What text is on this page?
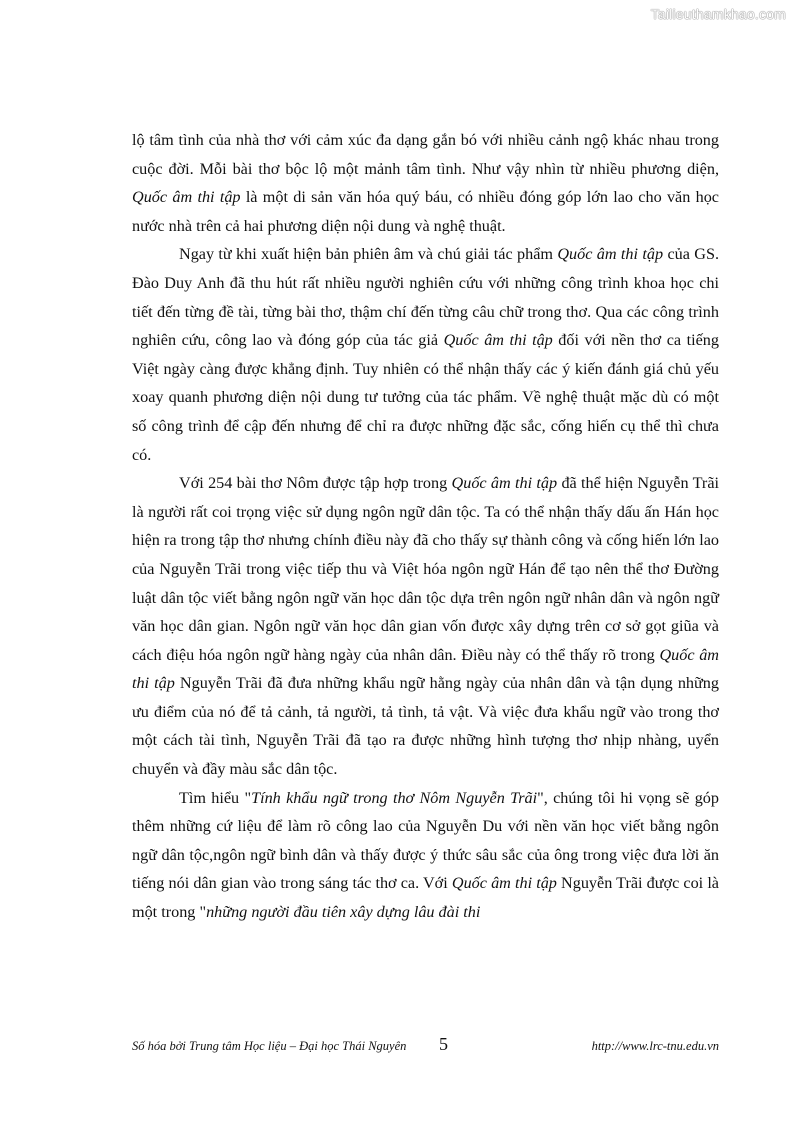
Tailieuthamkhao.com

lộ tâm tình của nhà thơ với cảm xúc đa dạng gắn bó với nhiều cảnh ngộ khác nhau trong cuộc đời. Mỗi bài thơ bộc lộ một mảnh tâm tình. Như vậy nhìn từ nhiều phương diện, Quốc âm thi tập là một di sản văn hóa quý báu, có nhiều đóng góp lớn lao cho văn học nước nhà trên cả hai phương diện nội dung và nghệ thuật.

Ngay từ khi xuất hiện bản phiên âm và chú giải tác phẩm Quốc âm thi tập của GS. Đào Duy Anh đã thu hút rất nhiều người nghiên cứu với những công trình khoa học chi tiết đến từng đề tài, từng bài thơ, thậm chí đến từng câu chữ trong thơ. Qua các công trình nghiên cứu, công lao và đóng góp của tác giả Quốc âm thi tập đối với nền thơ ca tiếng Việt ngày càng được khẳng định. Tuy nhiên có thể nhận thấy các ý kiến đánh giá chủ yếu xoay quanh phương diện nội dung tư tưởng của tác phẩm. Về nghệ thuật mặc dù có một số công trình để cập đến nhưng để chỉ ra được những đặc sắc, cống hiến cụ thể thì chưa có.

Với 254 bài thơ Nôm được tập hợp trong Quốc âm thi tập đã thể hiện Nguyễn Trãi là người rất coi trọng việc sử dụng ngôn ngữ dân tộc. Ta có thể nhận thấy dấu ấn Hán học hiện ra trong tập thơ nhưng chính điều này đã cho thấy sự thành công và cống hiến lớn lao của Nguyễn Trãi trong việc tiếp thu và Việt hóa ngôn ngữ Hán để tạo nên thể thơ Đường luật dân tộc viết bằng ngôn ngữ văn học dân tộc dựa trên ngôn ngữ nhân dân và ngôn ngữ văn học dân gian. Ngôn ngữ văn học dân gian vốn được xây dựng trên cơ sở gọt giũa và cách điệu hóa ngôn ngữ hàng ngày của nhân dân. Điều này có thể thấy rõ trong Quốc âm thi tập Nguyễn Trãi đã đưa những khẩu ngữ hằng ngày của nhân dân và tận dụng những ưu điểm của nó để tả cảnh, tả người, tả tình, tả vật. Và việc đưa khẩu ngữ vào trong thơ một cách tài tình, Nguyễn Trãi đã tạo ra được những hình tượng thơ nhịp nhàng, uyển chuyển và đầy màu sắc dân tộc.

Tìm hiểu "Tính khẩu ngữ trong thơ Nôm Nguyễn Trãi", chúng tôi hi vọng sẽ góp thêm những cứ liệu để làm rõ công lao của Nguyễn Du với nền văn học viết bằng ngôn ngữ dân tộc,ngôn ngữ bình dân và thấy được ý thức sâu sắc của ông trong việc đưa lời ăn tiếng nói dân gian vào trong sáng tác thơ ca. Với Quốc âm thi tập Nguyễn Trãi được coi là một trong "những người đầu tiên xây dựng lâu đài thi

Số hóa bởi Trung tâm Học liệu – Đại học Thái Nguyên 5	http://www.lrc-tnu.edu.vn
